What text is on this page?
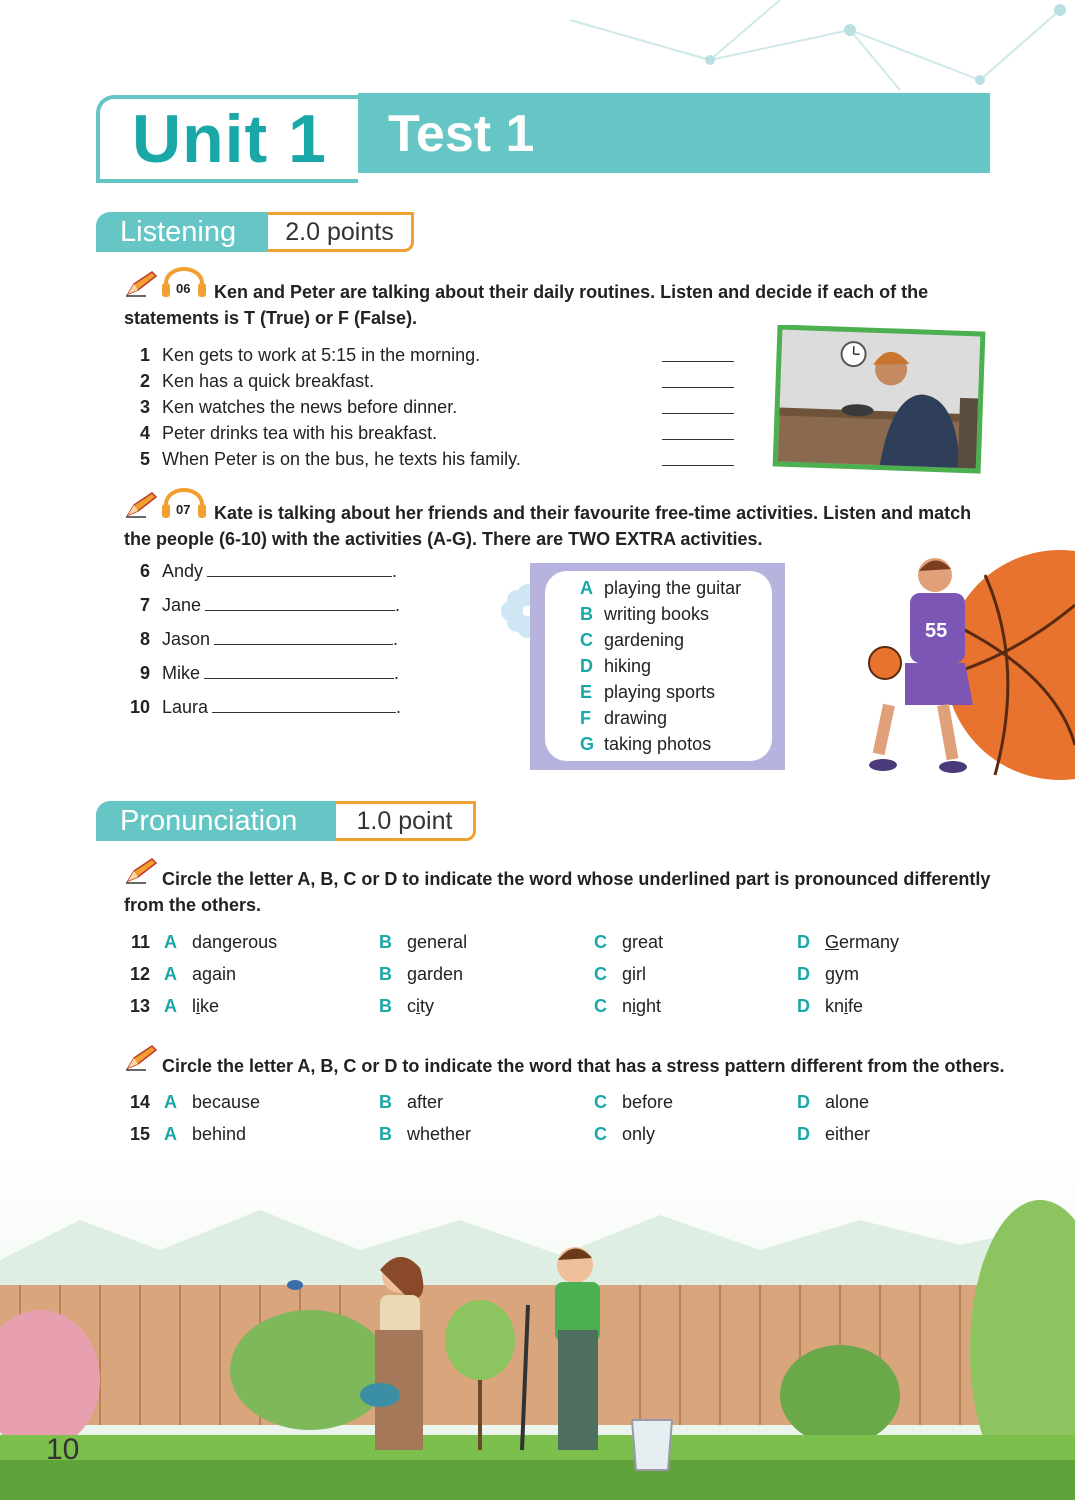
Unit 1 Test 1
Listening	2.0 points
06	Ken and Peter are talking about their daily routines. Listen and decide if each of the statements is T (True) or F (False).
1 Ken gets to work at 5:15 in the morning.
2 Ken has a quick breakfast.
3 Ken watches the news before dinner.
4 Peter drinks tea with his breakfast.
5 When Peter is on the bus, he texts his family.
07	Kate is talking about her friends and their favourite free-time activities. Listen and match the people (6-10) with the activities (A-G). There are TWO EXTRA activities.
6 Andy	.
7 Jane	.
8 Jason	.
9 Mike	.
10 Laura	.
A playing the guitar
B writing books
C gardening
D hiking
E playing sports
F drawing
G taking photos
55
Pronunciation	1.0 point
Circle the letter A, B, C or D to indicate the word whose underlined part is pronounced differently from the others.
11 A dangerous	B general	C great	D Germany
12 A again	B garden	C girl	D gym
13 A like	B city	C night	D knife
Circle the letter A, B, C or D to indicate the word that has a stress pattern different from the others.
10
14 A because	B after	C before	D alone
15 A behind	B whether	C only	D either
